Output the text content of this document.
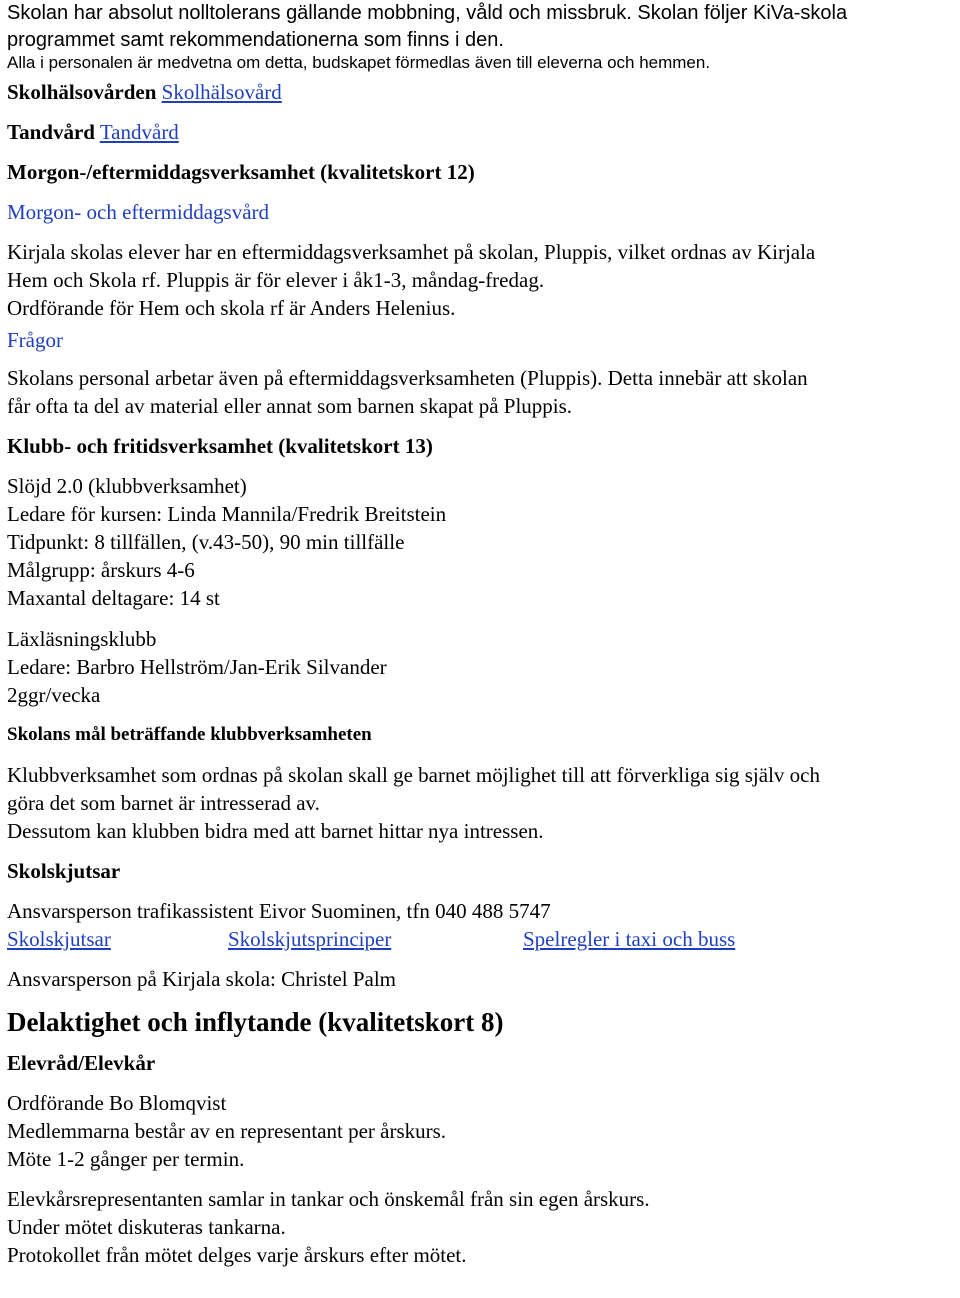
Skolan har absolut nolltolerans gällande mobbning, våld och missbruk. Skolan följer KiVa-skola

programmet samt rekommendationerna som finns i den.

Alla i personalen är medvetna om detta, budskapet förmedlas även till eleverna och hemmen.

Skolhälsovården Skolhälsovård

Tandvård Tandvård

Morgon-/eftermiddagsverksamhet (kvalitetskort 12)

Morgon- och eftermiddagsvård

Kirjala skolas elever har en eftermiddagsverksamhet på skolan, Pluppis, vilket ordnas av Kirjala

Hem och Skola rf. Pluppis är för elever i åk1-3, måndag-fredag.

Ordförande för Hem och skola rf är Anders Helenius.

Frågor

Skolans personal arbetar även på eftermiddagsverksamheten (Pluppis). Detta innebär att skolan

får ofta ta del av material eller annat som barnen skapat på Pluppis.

Klubb- och fritidsverksamhet (kvalitetskort 13)

Slöjd 2.0 (klubbverksamhet)

Ledare för kursen: Linda Mannila/Fredrik Breitstein

Tidpunkt: 8 tillfällen, (v.43-50), 90 min tillfälle

Målgrupp: årskurs 4-6

Maxantal deltagare: 14 st

Läxläsningsklubb

Ledare: Barbro Hellström/Jan-Erik Silvander

2ggr/vecka

Skolans mål beträffande klubbverksamheten

Klubbverksamhet som ordnas på skolan skall ge barnet möjlighet till att förverkliga sig själv och

göra det som barnet är intresserad av.

Dessutom kan klubben bidra med att barnet hittar nya intressen.

Skolskjutsar

Ansvarsperson trafikassistent Eivor Suominen, tfn 040 488 5747

Skolskjutsar	Skolskjutsprinciper	Spelregler i taxi och buss

Ansvarsperson på Kirjala skola: Christel Palm

Delaktighet och inflytande (kvalitetskort 8)

Elevråd/Elevkår

Ordförande Bo Blomqvist

Medlemmarna består av en representant per årskurs.

Möte 1-2 gånger per termin.

Elevkårsrepresentanten samlar in tankar och önskemål från sin egen årskurs.

Under mötet diskuteras tankarna.

Protokollet från mötet delges varje årskurs efter mötet.
